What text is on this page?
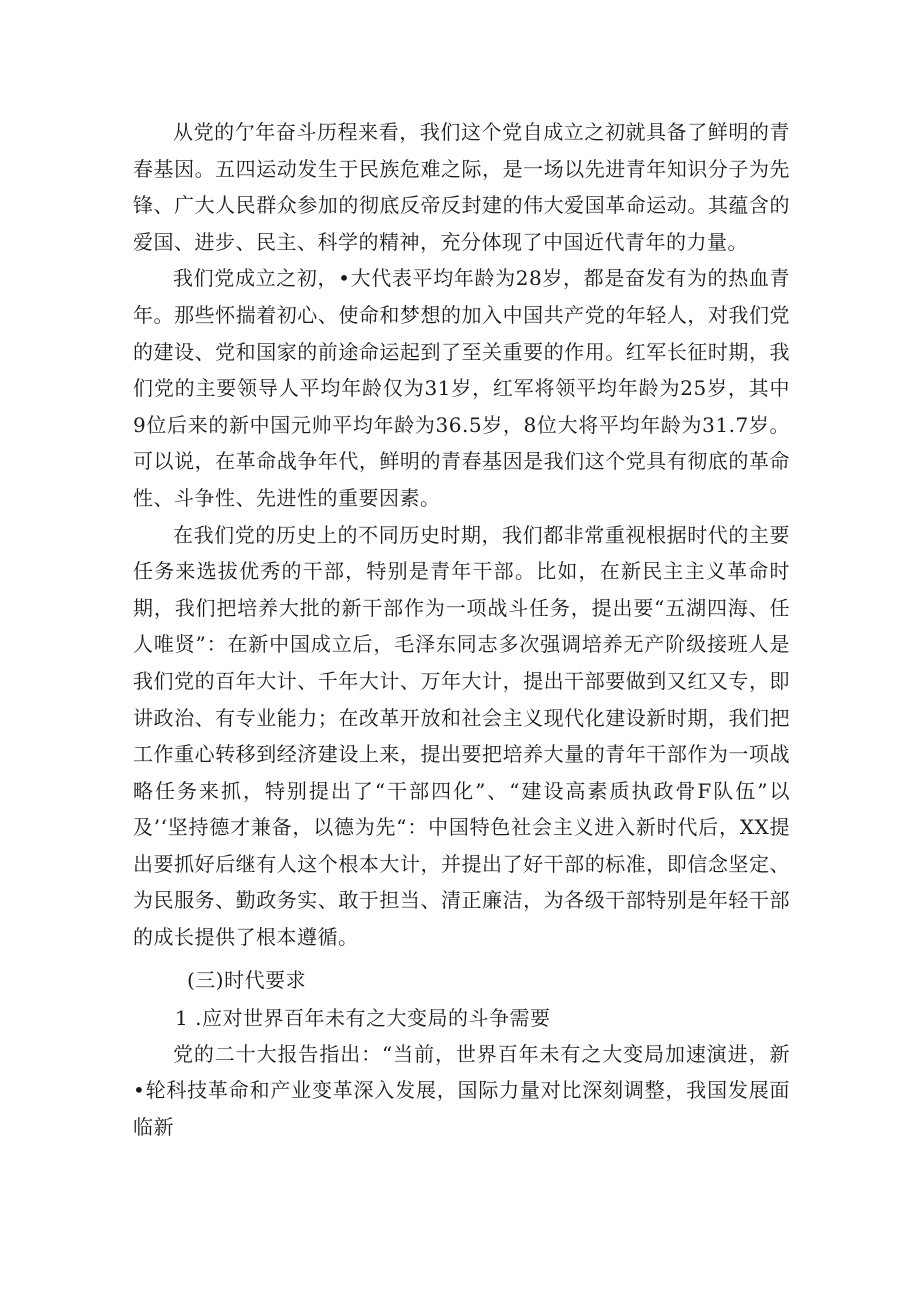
从党的亇年奋斗历程来看，我们这个党自成立之初就具备了鲜明的青春基因。五四运动发生于民族危难之际，是一场以先进青年知识分子为先锋、广大人民群众参加的彻底反帝反封建的伟大爱国革命运动。其蕴含的爱国、进步、民主、科学的精神，充分体现了中国近代青年的力量。

我们党成立之初，•大代表平均年龄为28岁，都是奋发有为的热血青年。那些怀揣着初心、使命和梦想的加入中国共产党的年轻人，对我们党的建设、党和国家的前途命运起到了至关重要的作用。红军长征时期，我们党的主要领导人平均年龄仅为31岁，红军将领平均年龄为25岁，其中9位后来的新中国元帅平均年龄为36.5岁，8位大将平均年龄为31.7岁。可以说，在革命战争年代，鲜明的青春基因是我们这个党具有彻底的革命性、斗争性、先进性的重要因素。

在我们党的历史上的不同历史时期，我们都非常重视根据时代的主要任务来选拔优秀的干部，特别是青年干部。比如，在新民主主义革命时期，我们把培养大批的新干部作为一项战斗任务，提出要“五湖四海、任人唯贤”：在新中国成立后，毛泽东同志多次强调培养无产阶级接班人是我们党的百年大计、千年大计、万年大计，提出干部要做到又红又专，即讲政治、有专业能力；在改革开放和社会主义现代化建设新时期，我们把工作重心转移到经济建设上来，提出要把培养大量的青年干部作为一项战略任务来抓，特别提出了“干部四化”、“建设高素质执政骨F队伍”以及’‘坚持德才兼备，以德为先“：中国特色社会主义进入新时代后，XX提出要抓好后继有人这个根本大计，并提出了好干部的标准，即信念坚定、为民服务、勤政务实、敢于担当、清正廉洁，为各级干部特别是年轻干部的成长提供了根本遵循。

(三)时代要求
1 .应对世界百年未有之大变局的斗争需要

党的二十大报告指出：“当前，世界百年未有之大变局加速演进，新•轮科技革命和产业变革深入发展，国际力量对比深刻调整，我国发展面临新
